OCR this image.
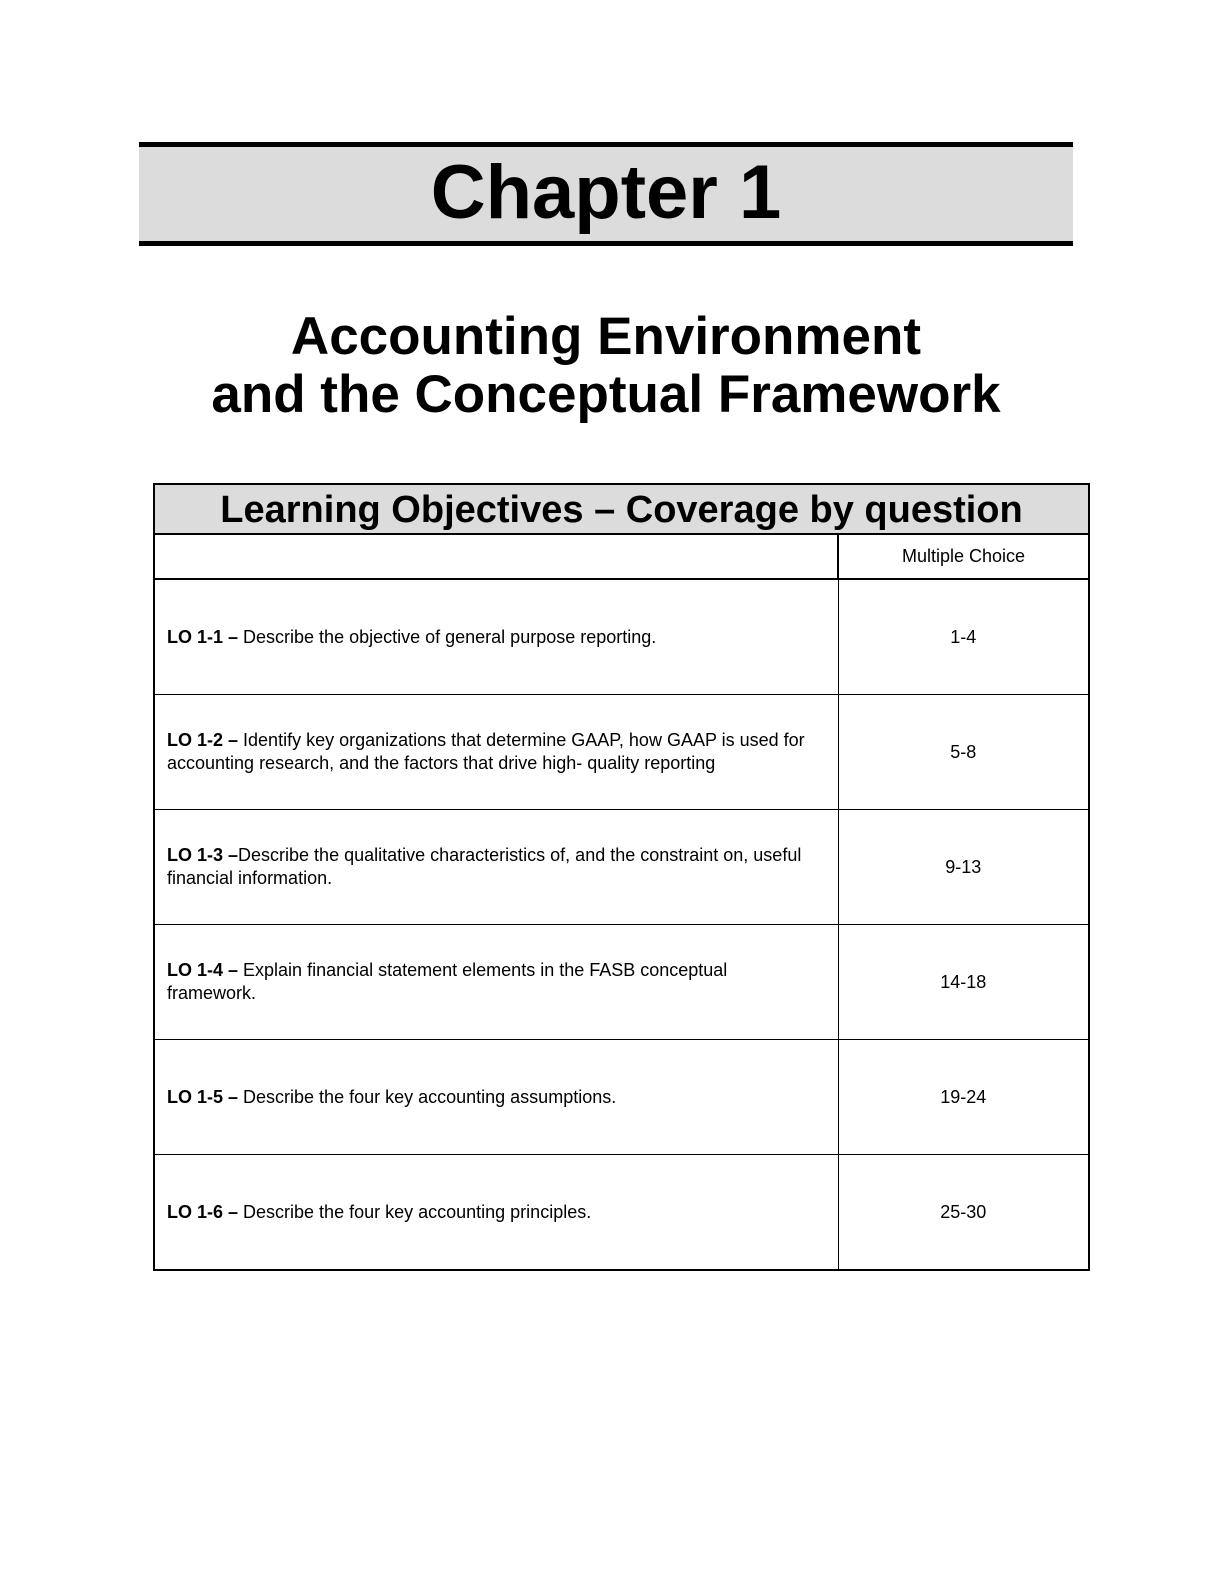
Chapter 1
Accounting Environment
and the Conceptual Framework
Learning Objectives – Coverage by question	
	Multiple Choice
LO 1-1 – Describe the objective of general purpose reporting.	1-4
LO 1-2 – Identify key organizations that determine GAAP, how GAAP is used for accounting research, and the factors that drive high- quality reporting	5-8
LO 1-3 –Describe the qualitative characteristics of, and the constraint on, useful financial information.	9-13
LO 1-4 – Explain financial statement elements in the FASB conceptual framework.	14-18
LO 1-5 – Describe the four key accounting assumptions.	19-24
LO 1-6 – Describe the four key accounting principles.	25-30
